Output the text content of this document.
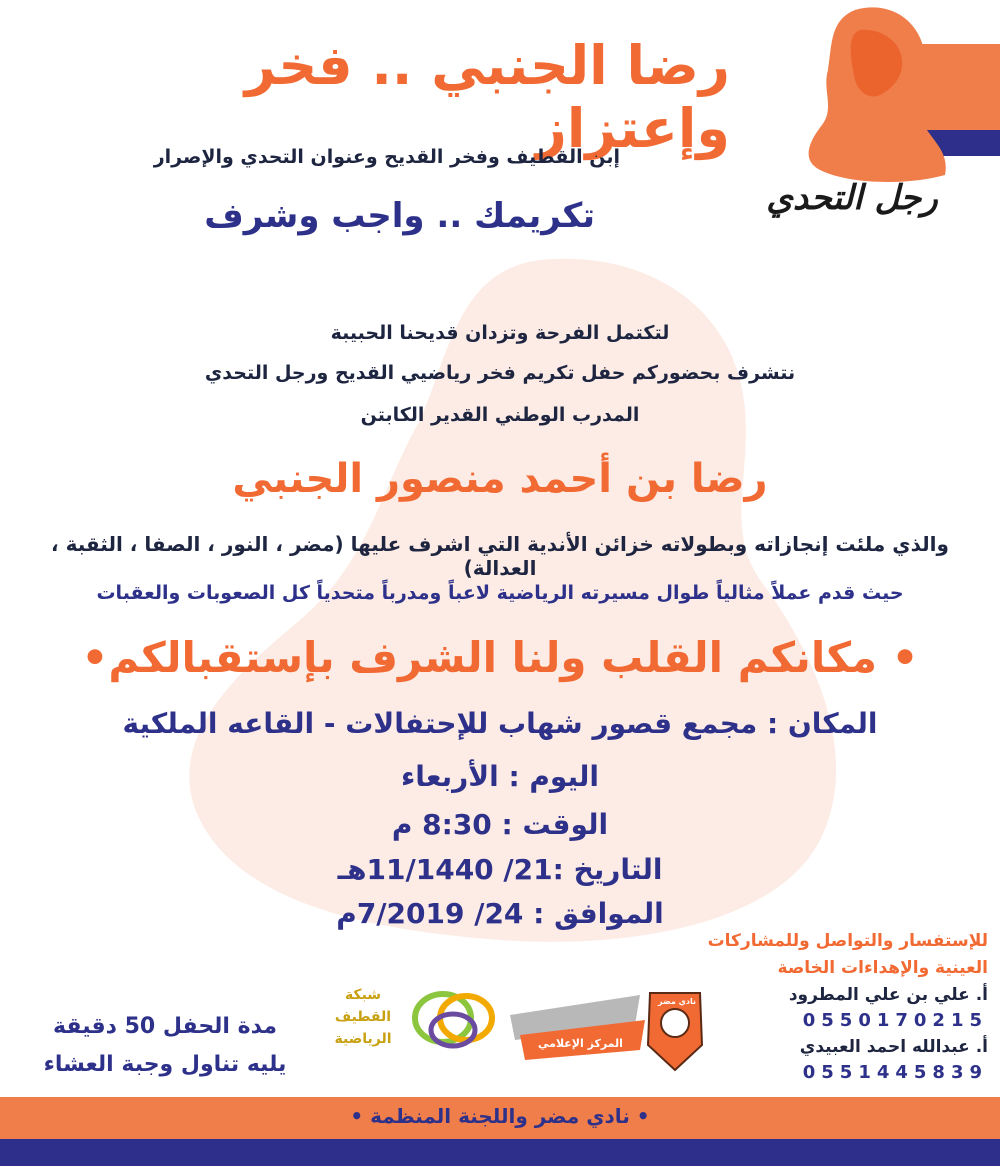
رجل التحدي
رضا الجنبي .. فخر وإعتزاز
إبن القطيف وفخر القديح وعنوان التحدي والإصرار
تكريمك .. واجب وشرف
لتكتمل الفرحة وتزدان قديحنا الحبيبة
نتشرف بحضوركم حفل تكريم فخر رياضيي القديح ورجل التحدي
المدرب الوطني القدير الكابتن
رضا بن أحمد منصور الجنبي
والذي ملئت إنجازاته وبطولاته خزائن الأندية التي اشرف عليها (مضر ، النور ، الصفا ، الثقبة ، العدالة)
حيث قدم عملاً مثالياً طوال مسيرته الرياضية لاعباً ومدرباً متحدياً كل الصعوبات والعقبات
• مكانكم القلب ولنا الشرف بإستقبالكم•
المكان : مجمع قصور شهاب للإحتفالات - القاعه الملكية
اليوم : الأربعاء
الوقت : 8:30 م
التاريخ :21/ 11/1440هـ
الموافق : 24/ 7/2019م
للإستفسار والتواصل وللمشاركات
العينية والإهداءات الخاصة
أ. علي بن علي المطرود
0550170215
أ. عبدالله احمد العبيدي
0551445839
مدة الحفل 50 دقيقة
يليه تناول وجبة العشاء
شبكة
القطيف
الرياضية	المركز الإعلامي
نادي مضر
• نادي مضر واللجنة المنظمة •
